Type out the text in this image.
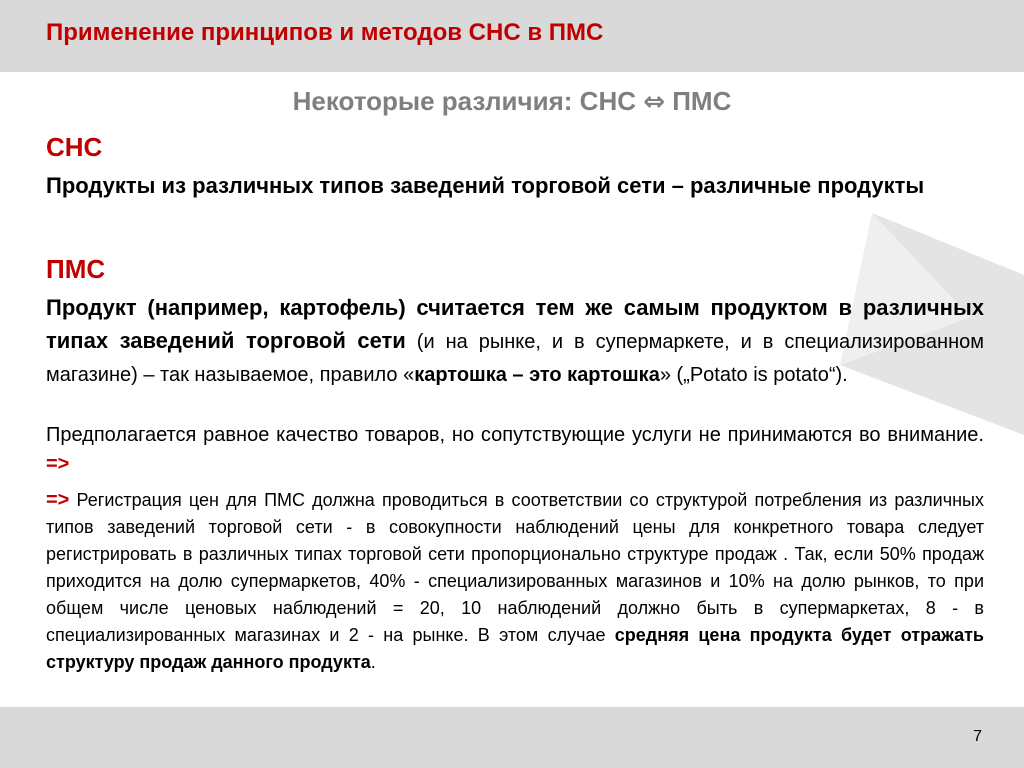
Применение принципов и методов СНС в ПМС
Некоторые различия: СНС ⇔ ПМС
СНС
Продукты из различных типов заведений торговой сети – различные продукты
ПМС
Продукт (например, картофель) считается тем же самым продуктом в различных типах заведений торговой сети (и на рынке, и в супермаркете, и в специализированном магазине) – так называемое, правило «картошка – это картошка» („Potato is potato“).
Предполагается равное качество товаров, но сопутствующие услуги не принимаются во внимание. =>
=> Регистрация цен для ПМС должна проводиться в соответствии со структурой потребления из различных типов заведений торговой сети - в совокупности наблюдений цены для конкретного товара следует регистрировать в различных типах торговой сети пропорционально структуре продаж . Так, если 50% продаж приходится на долю супермаркетов, 40% - специализированных магазинов и 10% на долю рынков, то при общем числе ценовых наблюдений = 20, 10 наблюдений должно быть в супермаркетах, 8 - в специализированных магазинах и 2 - на рынке. В этом случае средняя цена продукта будет отражать структуру продаж данного продукта.
7
